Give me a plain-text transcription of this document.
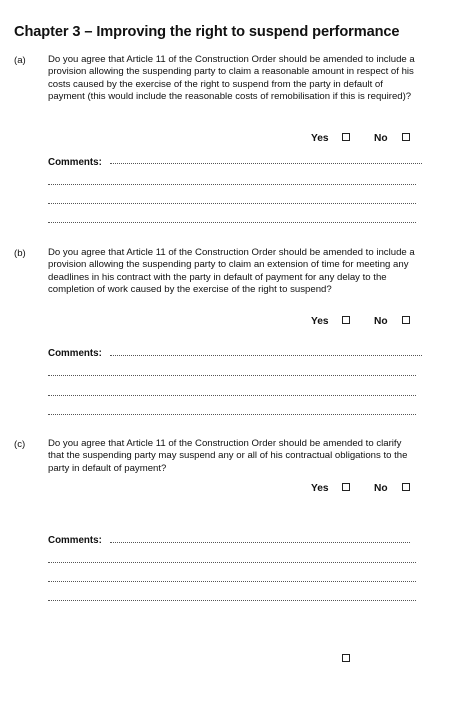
Chapter 3 – Improving the right to suspend performance
(a) Do you agree that Article 11 of the Construction Order should be amended to include a provision allowing the suspending party to claim a reasonable amount in respect of his costs caused by the exercise of the right to suspend from the party in default of payment (this would include the reasonable costs of remobilisation if this is required)?

Yes	No
Comments:
(b) Do you agree that Article 11 of the Construction Order should be amended to include a provision allowing the suspending party to claim an extension of time for meeting any deadlines in his contract with the party in default of payment for any delay to the completion of work caused by the exercise of the right to suspend?

Yes	No
Comments:
(c) Do you agree that Article 11 of the Construction Order should be amended to clarify that the suspending party may suspend any or all of his contractual obligations to the party in default of payment?

Yes	No
Comments:
